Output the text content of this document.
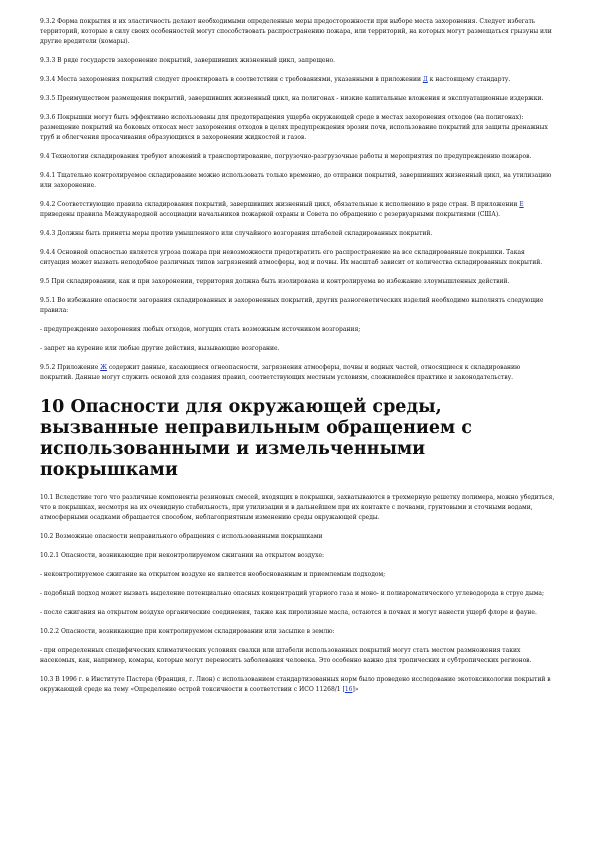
9.3.2 Форма покрытия и их эластичность делают необходимыми определенные меры предосторожности при выборе места захоронения. Следует избегать территорий, которые в силу своих особенностей могут способствовать распространению пожара, или территорий, на которых могут размещаться грызуны или другие вредители (комары).

9.3.3 В ряде государств захоронение покрытий, завершивших жизненный цикл, запрещено.

9.3.4 Места захоронения покрытий следует проектировать в соответствии с требованиями, указанными в приложении Д к настоящему стандарту.

9.3.5 Преимуществом размещения покрытий, завершивших жизненный цикл, на полигонах - низкие капитальные вложения и эксплуатационные издержки.

9.3.6 Покрышки могут быть эффективно использованы для предотвращения ущерба окружающей среде в местах захоронения отходов (на полигонах): размещение покрытий на боковых откосах мест захоронения отходов в целях предупреждения эрозии почв, использование покрытий для защиты дренажных труб и облегчения просачивания образующихся в захоронении жидкостей и газов.

9.4 Технологии складирования требуют вложений в транспортирование, погрузочно-разгрузочные работы и мероприятия по предупреждению пожаров.

9.4.1 Тщательно контролируемое складирование можно использовать только временно, до отправки покрытий, завершивших жизненный цикл, на утилизацию или захоронение.

9.4.2 Соответствующие правила складирования покрытий, завершивших жизненный цикл, обязательные к исполнению в ряде стран. В приложении Е приведены правила Международной ассоциации начальников пожарной охраны и Совета по обращению с резервуарными покрытиями (США).

9.4.3 Должны быть приняты меры против умышленного или случайного возгорания штабелей складированных покрытий.

9.4.4 Основной опасностью является угроза пожара при невозможности предотвратить его распространение на все складированные покрышки. Такая ситуация может вызвать неподобное различных типов загрязнений атмосферы, вод и почвы. Их масштаб зависит от количества складированных покрытий.

9.5 При складировании, как и при захоронении, территория должна быть изолирована и контролируема во избежание злоумышленных действий.

9.5.1 Во избежание опасности загорания складированных и захороненных покрытий, других разногенетических изделий необходимо выполнять следующие правила:

- предупреждение захоронения любых отходов, могущих стать возможным источником возгорания;

- запрет на курение или любые другие действия, вызывающие возгорание.

9.5.2 Приложение Ж содержит данные, касающиеся огнеопасности, загрязнения атмосферы, почвы и водных частей, относящиеся к складированию покрытий. Данные могут служить основой для создания правил, соответствующих местным условиям, сложившейся практике и законодательству.

10 Опасности для окружающей среды, вызванные неправильным обращением с использованными и измельченными покрышками

10.1 Вследствие того что различные компоненты резиновых смесей, входящих в покрышки, захватываются в трехмерную решетку полимера, можно убедиться, что в покрышках, несмотря на их очевидную стабильность, при утилизации и в дальнейшем при их контакте с почвами, грунтовыми и сточными водами, атмосферными осадками обращается способом, неблагоприятным изменению среды окружающей среды.

10.2 Возможные опасности неправильного обращения с использованными покрышками

10.2.1 Опасности, возникающие при неконтролируемом сжигании на открытом воздухе:

- неконтролируемое сжигание на открытом воздухе не является необоснованным и приемлемым подходом;

- подобный подход может вызвать выделение потенциально опасных концентраций угарного газа и моно- и полиароматического углеводорода в струе дыма;

- после сжигания на открытом воздухе органические соединения, также как пиролизные масла, остаются в почвах и могут нанести ущерб флоре и фауне.

10.2.2 Опасности, возникающие при контролируемом складировании или засыпке в землю:

- при определенных специфических климатических условиях свалки или штабели использованных покрытий могут стать местом размножения таких насекомых, как, например, комары, которые могут переносить заболевания человека. Это особенно важно для тропических и субтропических регионов.

10.3 В 1996 г. в Институте Пастера (Франция, г. Лион) с использованием стандартизованных норм было проведено исследование экотоксикологии покрытий в окружающей среде на тему «Определение острой токсичности в соответствии с ИСО 11268/1 [16]»
